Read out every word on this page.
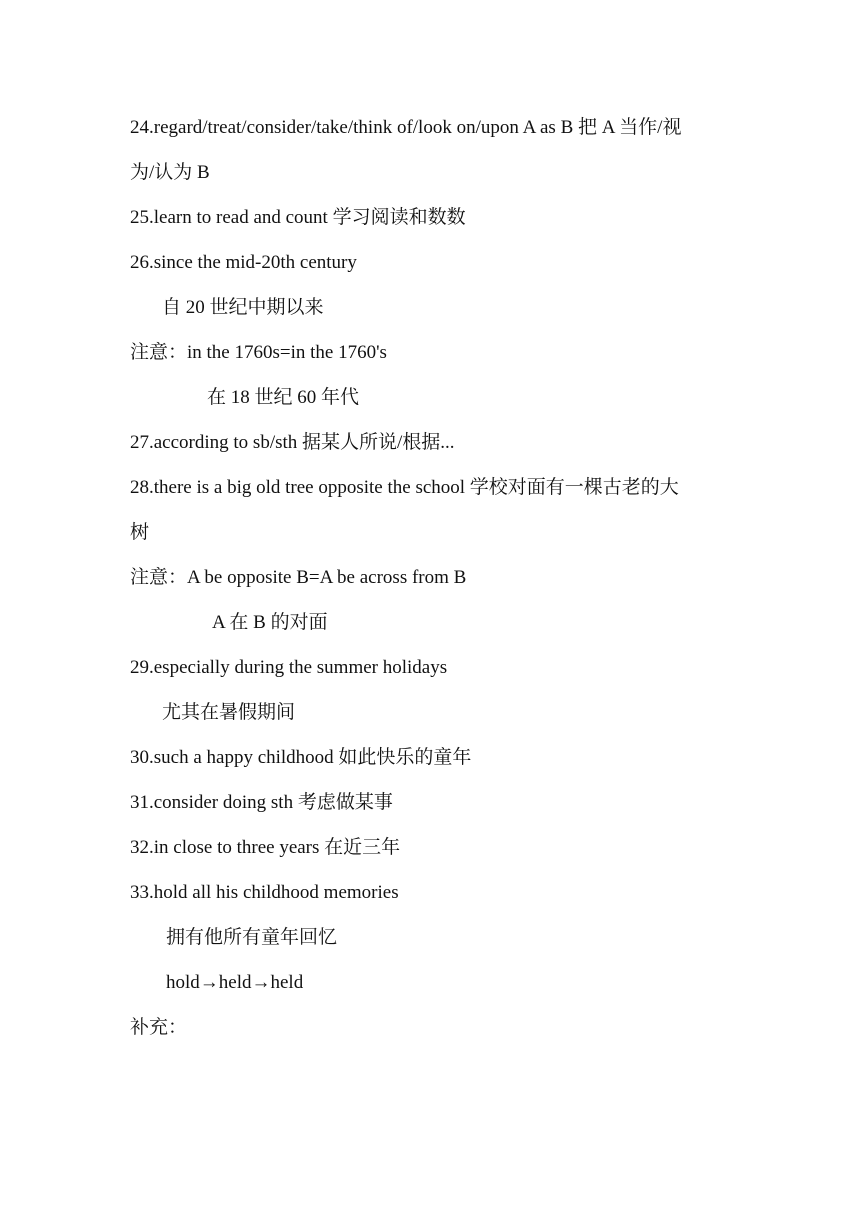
24.regard/treat/consider/take/think of/look on/upon A as B 把 A 当作/视
为/认为 B
25.learn to read and count 学习阅读和数数
26.since the mid-20th century
自 20 世纪中期以来
注意：in the 1760s=in the 1760's
在 18 世纪 60 年代
27.according to sb/sth 据某人所说/根据...
28.there is a big old tree opposite the school 学校对面有一棵古老的大
树
注意：A be opposite B=A be across from B
A 在 B 的对面
29.especially during the summer holidays
尤其在暑假期间
30.such a happy childhood 如此快乐的童年
31.consider doing sth 考虑做某事
32.in close to three years 在近三年
33.hold all his childhood memories
拥有他所有童年回忆
hold→held→held
补充：
